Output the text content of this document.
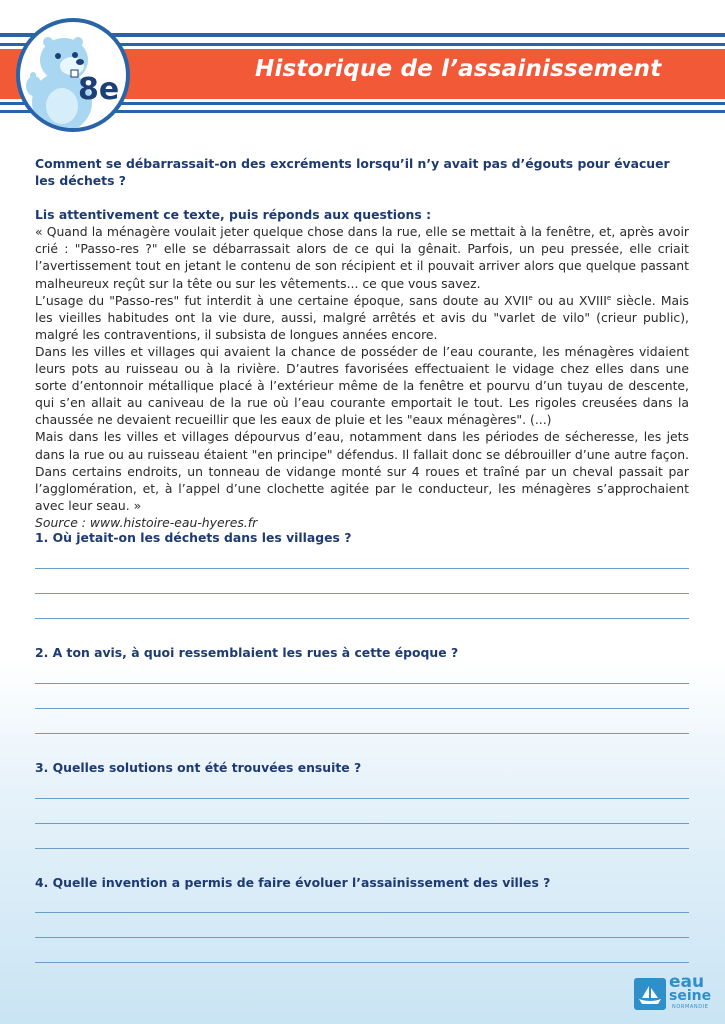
Historique de l’assainissement
8e

Comment se débarrassait-on des excréments lorsqu’il n’y avait pas d’égouts pour évacuer les déchets ?

Lis attentivement ce texte, puis réponds aux questions :

« Quand la ménagère voulait jeter quelque chose dans la rue, elle se mettait à la fenêtre, et, après avoir crié : "Passo-res ?" elle se débarrassait alors de ce qui la gênait. Parfois, un peu pressée, elle criait l’avertissement tout en jetant le contenu de son récipient et il pouvait arriver alors que quelque passant malheureux reçût sur la tête ou sur les vêtements... ce que vous savez.

L’usage du "Passo-res" fut interdit à une certaine époque, sans doute au XVIIe ou au XVIIIe siècle. Mais les vieilles habitudes ont la vie dure, aussi, malgré arrêtés et avis du "varlet de vilo" (crieur public), malgré les contraventions, il subsista de longues années encore.

Dans les villes et villages qui avaient la chance de posséder de l’eau courante, les ménagères vidaient leurs pots au ruisseau ou à la rivière. D’autres favorisées effectuaient le vidage chez elles dans une sorte d’entonnoir métallique placé à l’extérieur même de la fenêtre et pourvu d’un tuyau de descente, qui s’en allait au caniveau de la rue où l’eau courante emportait le tout. Les rigoles creusées dans la chaussée ne devaient recueillir que les eaux de pluie et les "eaux ménagères". (...)

Mais dans les villes et villages dépourvus d’eau, notamment dans les périodes de sécheresse, les jets dans la rue ou au ruisseau étaient "en principe" défendus. Il fallait donc se débrouiller d’une autre façon. Dans certains endroits, un tonneau de vidange monté sur 4 roues et traîné par un cheval passait par l’agglomération, et, à l’appel d’une clochette agitée par le conducteur, les ménagères s’approchaient avec leur seau. »

Source : www.histoire-eau-hyeres.fr

1. Où jetait-on les déchets dans les villages ?
2. A ton avis, à quoi ressemblaient les rues à cette époque ?
3. Quelles solutions ont été trouvées ensuite ?
4. Quelle invention a permis de faire évoluer l’assainissement des villes ?
eau
seine
NORMANDIE
